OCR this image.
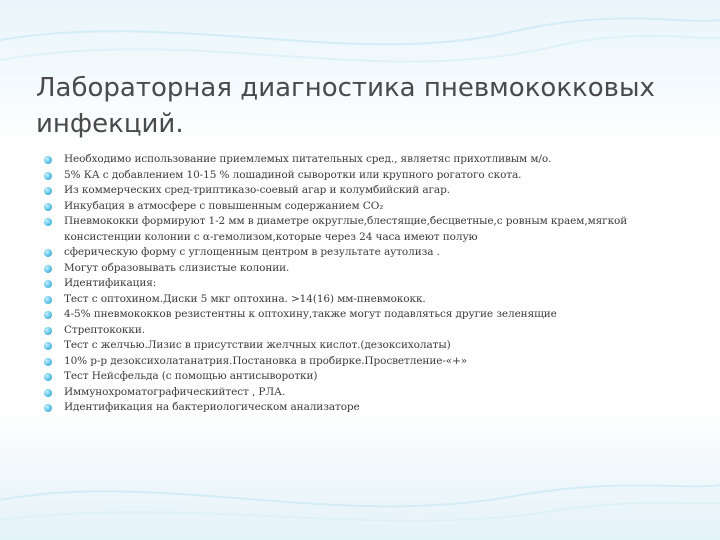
Лабораторная диагностика пневмококковых инфекций.
Необходимо использование приемлемых питательных сред., являетяс прихотливым м/о.
5% КА с добавлением 10-15 % лошадиной сыворотки или крупного рогатого скота.
Из коммерческих сред-триптиказо-соевый агар и колумбийский агар.
Инкубация в атмосфере с повышенным содержанием СО₂
Пневмококки формируют 1-2 мм в диаметре округлые,блестящие,бесцветные,с ровным краем,мягкой консистенции колонии с α-гемолизом,которые через 24 часа имеют полую
сферическую форму с углощенным центром в результате аутолиза .
Могут образовывать слизистые колонии.
Идентификация:
Тест с оптохином.Диски 5 мкг оптохина. >14(16) мм-пневмококк.
4-5% пневмококков резистентны к оптохину,также могут подавляться другие зеленящие
Стрептококки.
Тест с желчью.Лизис в присутствии желчных кислот.(дезоксихолаты)
10% р-р дезоксихолатанатрия.Постановка в пробирке.Просветление-«+»
Тест Нейсфельда (с помощью антисыворотки)
Иммунохроматографическийтест , РЛА.
Идентификация на бактериологическом анализаторе
